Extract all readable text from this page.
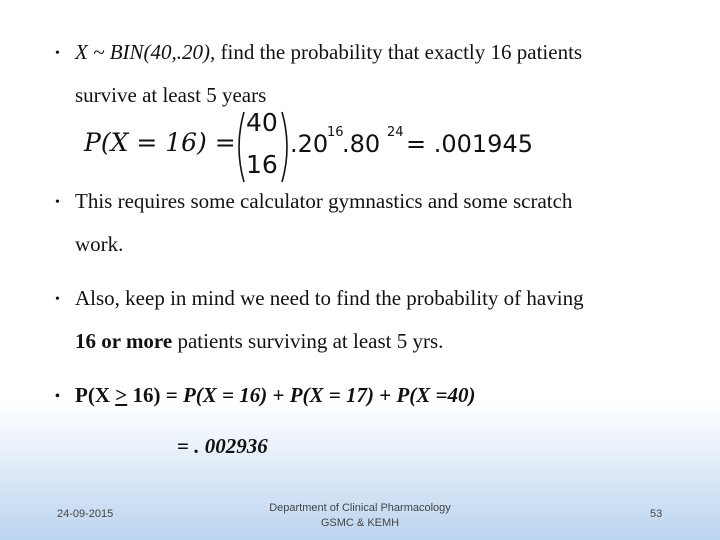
• X ~ BIN(40,.20), find the probability that exactly 16 patients
survive at least 5 years
P(X = 16) =
40
16
.20
16
.80 24 = .001945
• This requires some calculator gymnastics and some scratch
work.
• Also, keep in mind we need to find the probability of having
16 or more patients surviving at least 5 yrs.
• P(X ≥ 16) = P(X = 16) + P(X = 17) + P(X =40)
= . 002936
24-09-2015	Department of Clinical Pharmacology
GSMC & KEMH
53
